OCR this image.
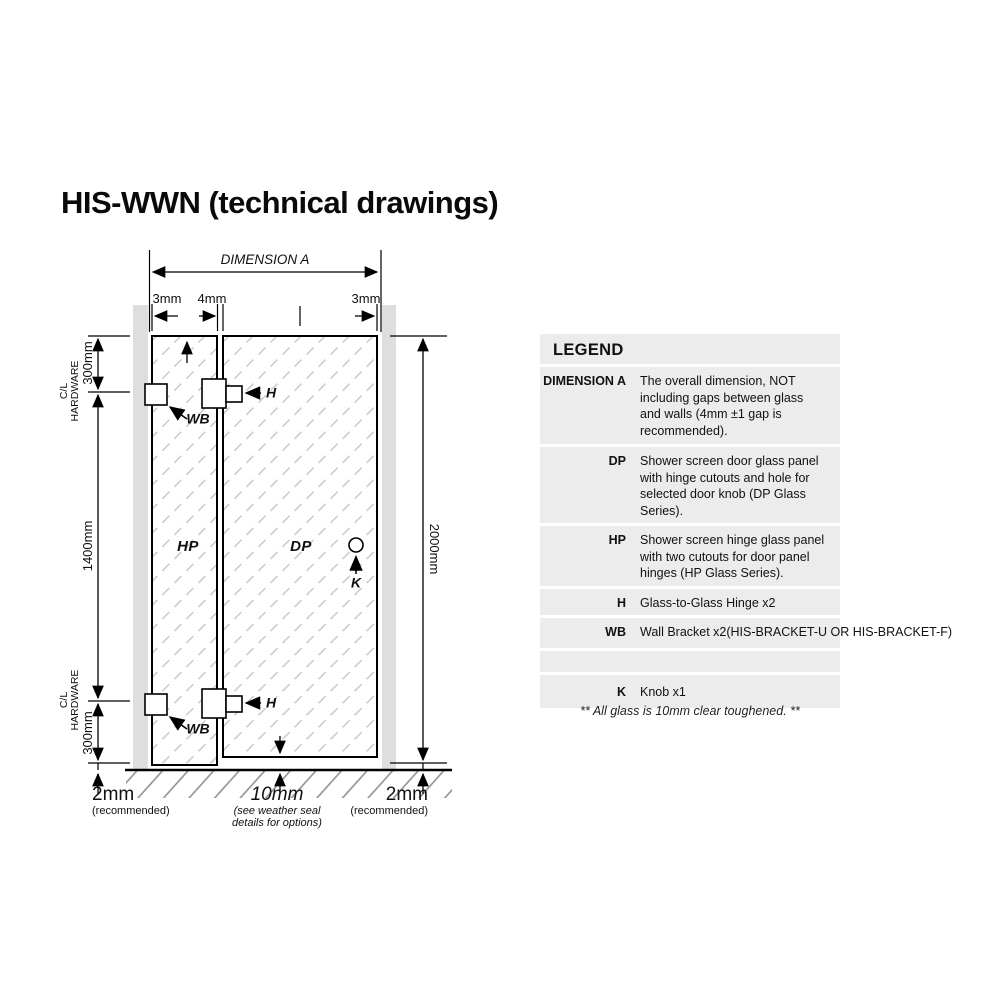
HIS-WWN (technical drawings)
DIMENSION A
3mm 4mm	3mm
C/L HARDWARE 300mm
1400mm
C/L HARDWARE
300mm
2000mm
HP	DP
WB
WB
H
H
K
2mm
(recommended)
10mm
(see weather seal
details for options)
2mm
(recommended)
LEGEND
DIMENSION A	The overall dimension, NOT including gaps between glass and walls (4mm ±1 gap is recommended).
DP	Shower screen door glass panel with hinge cutouts and hole for selected door knob (DP Glass Series).
HP	Shower screen hinge glass panel with two cutouts for door panel hinges (HP Glass Series).
H	Glass-to-Glass Hinge x2
WB	Wall Bracket x2(HIS-BRACKET-U OR HIS-BRACKET-F)
K	Knob x1
** All glass is 10mm clear toughened. **
